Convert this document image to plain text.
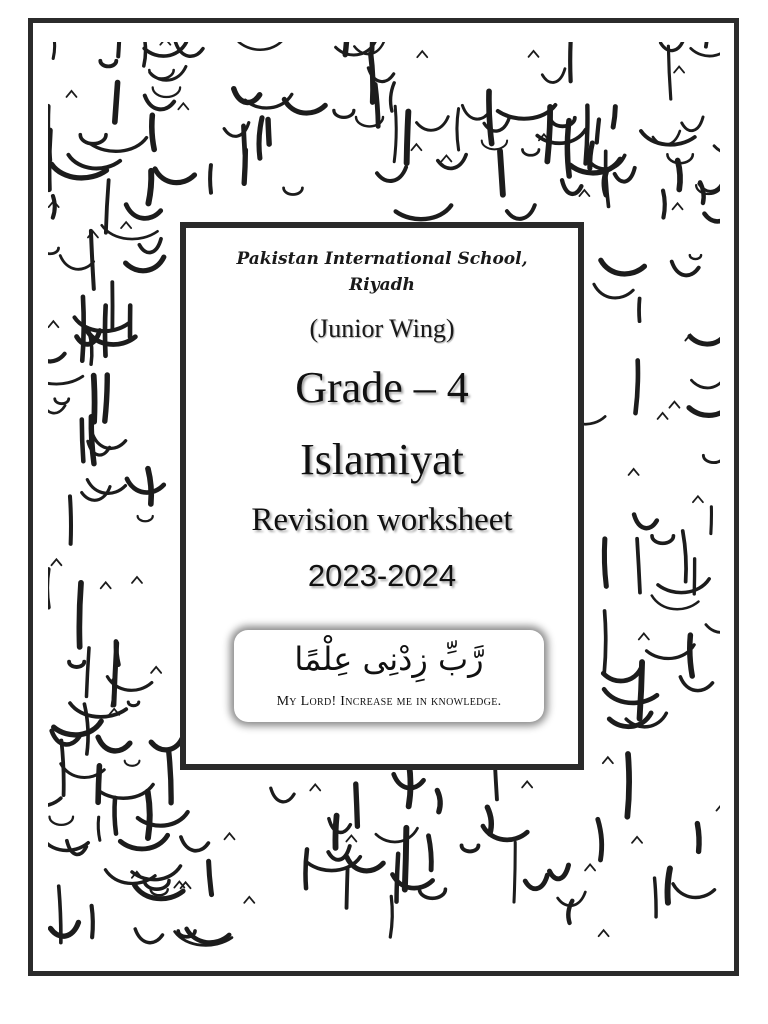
Pakistan International School,
Riyadh
(Junior Wing)
Grade – 4
Islamiyat
Revision worksheet
2023-2024
رَّبِّ زِدْنِى عِلْمًا
My Lord! Increase me in knowledge.
